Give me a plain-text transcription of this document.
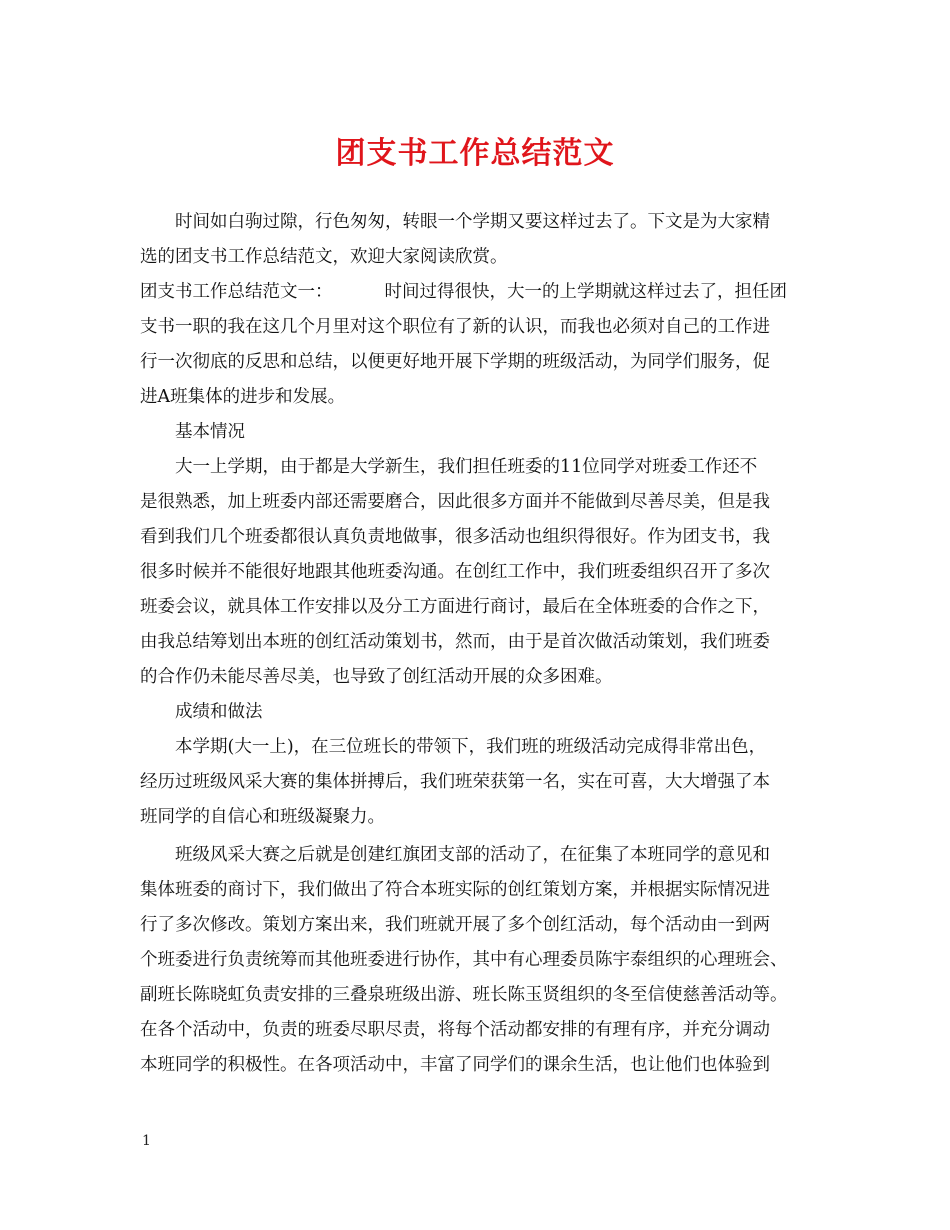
团支书工作总结范文
时间如白驹过隙，行色匆匆，转眼一个学期又要这样过去了。下文是为大家精
选的团支书工作总结范文，欢迎大家阅读欣赏。
团支书工作总结范文一：	时间过得很快，大一的上学期就这样过去了，担任团
支书一职的我在这几个月里对这个职位有了新的认识，而我也必须对自己的工作进
行一次彻底的反思和总结，以便更好地开展下学期的班级活动，为同学们服务，促
进A班集体的进步和发展。
基本情况
大一上学期，由于都是大学新生，我们担任班委的11位同学对班委工作还不
是很熟悉，加上班委内部还需要磨合，因此很多方面并不能做到尽善尽美，但是我
看到我们几个班委都很认真负责地做事，很多活动也组织得很好。作为团支书，我
很多时候并不能很好地跟其他班委沟通。在创红工作中，我们班委组织召开了多次
班委会议，就具体工作安排以及分工方面进行商讨，最后在全体班委的合作之下，
由我总结筹划出本班的创红活动策划书，然而，由于是首次做活动策划，我们班委
的合作仍未能尽善尽美，也导致了创红活动开展的众多困难。
成绩和做法
本学期(大一上)，在三位班长的带领下，我们班的班级活动完成得非常出色，
经历过班级风采大赛的集体拼搏后，我们班荣获第一名，实在可喜，大大增强了本
班同学的自信心和班级凝聚力。
班级风采大赛之后就是创建红旗团支部的活动了，在征集了本班同学的意见和
集体班委的商讨下，我们做出了符合本班实际的创红策划方案，并根据实际情况进
行了多次修改。策划方案出来，我们班就开展了多个创红活动，每个活动由一到两
个班委进行负责统筹而其他班委进行协作，其中有心理委员陈宇泰组织的心理班会、
副班长陈晓虹负责安排的三叠泉班级出游、班长陈玉贤组织的冬至信使慈善活动等。
在各个活动中，负责的班委尽职尽责，将每个活动都安排的有理有序，并充分调动
本班同学的积极性。在各项活动中，丰富了同学们的课余生活，也让他们也体验到
1
